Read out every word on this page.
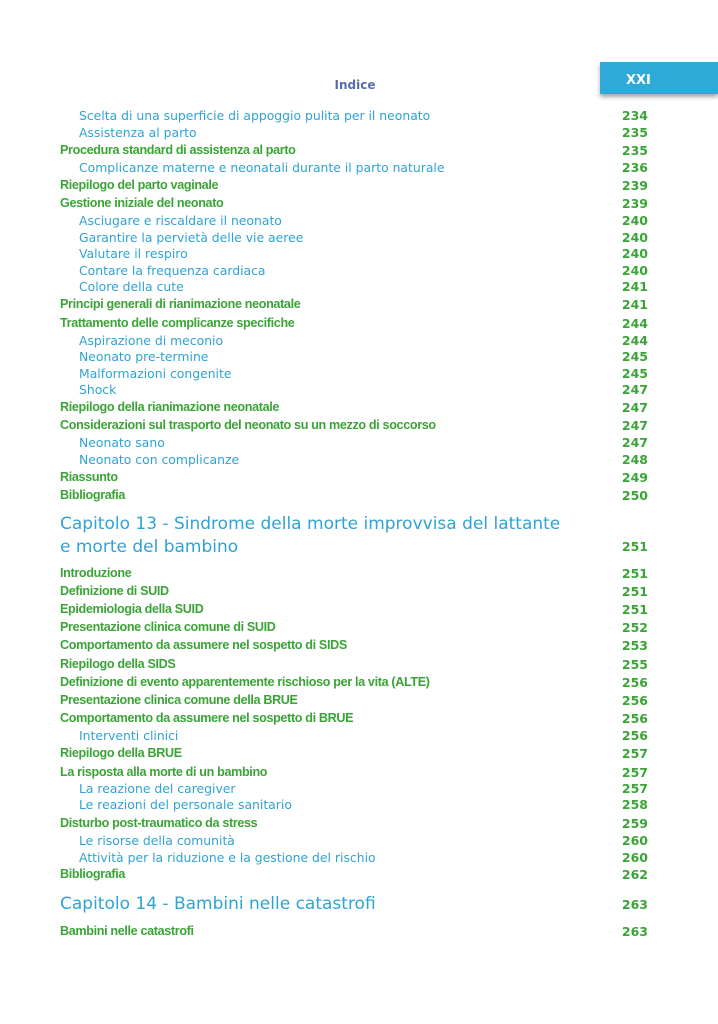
Indice	XXI
Scelta di una superficie di appoggio pulita per il neonato	234
Assistenza al parto	235
Procedura standard di assistenza al parto	235
Complicanze materne e neonatali durante il parto naturale	236
Riepilogo del parto vaginale	239
Gestione iniziale del neonato	239
Asciugare e riscaldare il neonato	240
Garantire la pervietà delle vie aeree	240
Valutare il respiro	240
Contare la frequenza cardiaca	240
Colore della cute	241
Principi generali di rianimazione neonatale	241
Trattamento delle complicanze specifiche	244
Aspirazione di meconio	244
Neonato pre-termine	245
Malformazioni congenite	245
Shock	247
Riepilogo della rianimazione neonatale	247
Considerazioni sul trasporto del neonato su un mezzo di soccorso	247
Neonato sano	247
Neonato con complicanze	248
Riassunto	249
Bibliografia	250
Capitolo 13 - Sindrome della morte improvvisa del lattante
e morte del bambino	251
Introduzione	251
Definizione di SUID	251
Epidemiologia della SUID	251
Presentazione clinica comune di SUID	252
Comportamento da assumere nel sospetto di SIDS	253
Riepilogo della SIDS	255
Definizione di evento apparentemente rischioso per la vita (ALTE)	256
Presentazione clinica comune della BRUE	256
Comportamento da assumere nel sospetto di BRUE	256
Interventi clinici	256
Riepilogo della BRUE	257
La risposta alla morte di un bambino	257
La reazione del caregiver	257
Le reazioni del personale sanitario	258
Disturbo post-traumatico da stress	259
Le risorse della comunità	260
Attività per la riduzione e la gestione del rischio	260
Bibliografia	262
Capitolo 14 - Bambini nelle catastrofi	263
Bambini nelle catastrofi	263
